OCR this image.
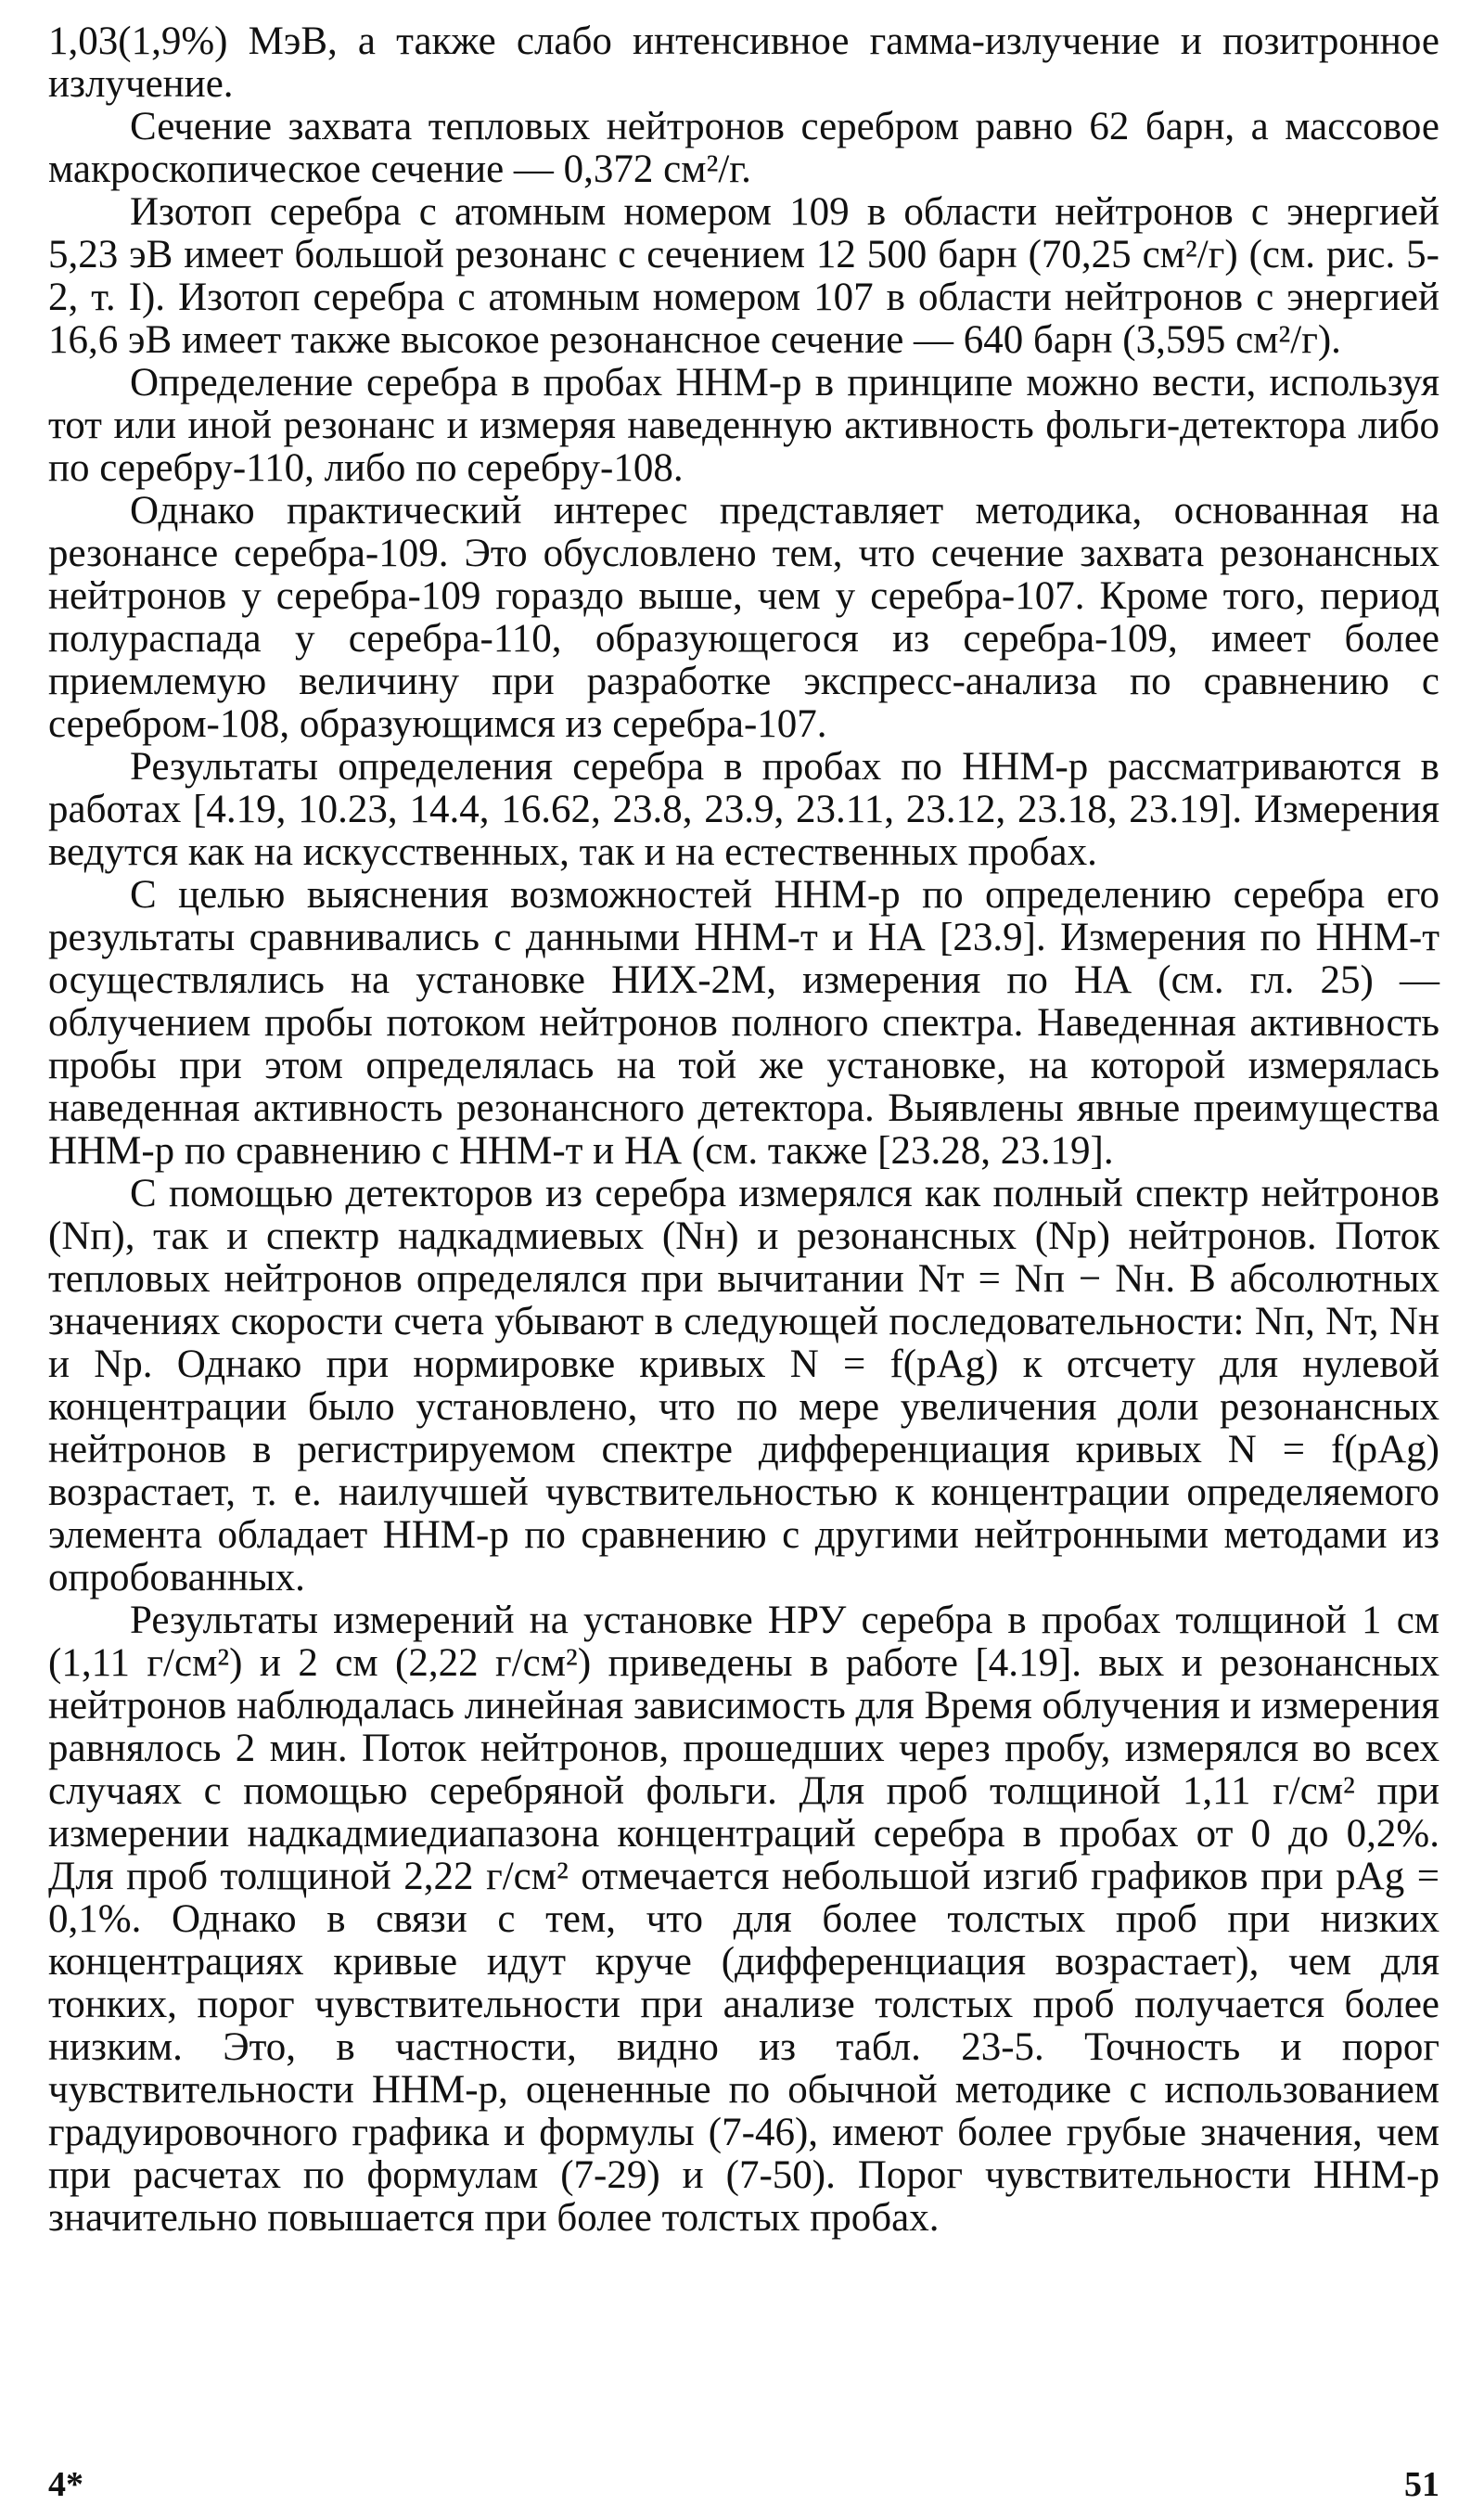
1,03(1,9%) МэВ, а также слабо интенсивное гамма-излучение и позитронное излучение.

Сечение захвата тепловых нейтронов серебром равно 62 барн, а массовое макроскопическое сечение — 0,372 см²/г.

Изотоп серебра с атомным номером 109 в области нейтронов с энергией 5,23 эВ имеет большой резонанс с сечением 12 500 барн (70,25 см²/г) (см. рис. 5-2, т. I). Изотоп серебра с атомным номером 107 в области нейтронов с энергией 16,6 эВ имеет также высокое резонансное сечение — 640 барн (3,595 см²/г).

Определение серебра в пробах ННМ-р в принципе можно вести, используя тот или иной резонанс и измеряя наведенную активность фольги-детектора либо по серебру-110, либо по серебру-108.

Однако практический интерес представляет методика, основанная на резонансе серебра-109. Это обусловлено тем, что сечение захвата резонансных нейтронов у серебра-109 гораздо выше, чем у серебра-107. Кроме того, период полураспада у серебра-110, образующегося из серебра-109, имеет более приемлемую величину при разработке экспресс-анализа по сравнению с серебром-108, образующимся из серебра-107.

Результаты определения серебра в пробах по ННМ-р рассматриваются в работах [4.19, 10.23, 14.4, 16.62, 23.8, 23.9, 23.11, 23.12, 23.18, 23.19]. Измерения ведутся как на искусственных, так и на естественных пробах.

С целью выяснения возможностей ННМ-р по определению серебра его результаты сравнивались с данными ННМ-т и НА [23.9]. Измерения по ННМ-т осуществлялись на установке НИХ-2М, измерения по НА (см. гл. 25) — облучением пробы потоком нейтронов полного спектра. Наведенная активность пробы при этом определялась на той же установке, на которой измерялась наведенная активность резонансного детектора. Выявлены явные преимущества ННМ-р по сравнению с ННМ-т и НА (см. также [23.28, 23.19].

С помощью детекторов из серебра измерялся как полный спектр нейтронов (Nп), так и спектр надкадмиевых (Nн) и резонансных (Nр) нейтронов. Поток тепловых нейтронов определялся при вычитании Nт = Nп − Nн. В абсолютных значениях скорости счета убывают в следующей последовательности: Nп, Nт, Nн и Nр. Однако при нормировке кривых N = f(pAg) к отсчету для нулевой концентрации было установлено, что по мере увеличения доли резонансных нейтронов в регистрируемом спектре дифференциация кривых N = f(pAg) возрастает, т. е. наилучшей чувствительностью к концентрации определяемого элемента обладает ННМ-р по сравнению с другими нейтронными методами из опробованных.

Результаты измерений на установке НРУ серебра в пробах толщиной 1 см (1,11 г/см²) и 2 см (2,22 г/см²) приведены в работе [4.19]. вых и резонансных нейтронов наблюдалась линейная зависимость для Время облучения и измерения равнялось 2 мин. Поток нейтронов, прошедших через пробу, измерялся во всех случаях с помощью серебряной фольги. Для проб толщиной 1,11 г/см² при измерении надкадмиедиапазона концентраций серебра в пробах от 0 до 0,2%. Для проб толщиной 2,22 г/см² отмечается небольшой изгиб графиков при pAg = 0,1%. Однако в связи с тем, что для более толстых проб при низких концентрациях кривые идут круче (дифференциация возрастает), чем для тонких, порог чувствительности при анализе толстых проб получается более низким. Это, в частности, видно из табл. 23-5. Точность и порог чувствительности ННМ-р, оцененные по обычной методике с использованием градуировочного графика и формулы (7-46), имеют более грубые значения, чем при расчетах по формулам (7-29) и (7-50). Порог чувствительности ННМ-р значительно повышается при более толстых пробах.

4*	51
